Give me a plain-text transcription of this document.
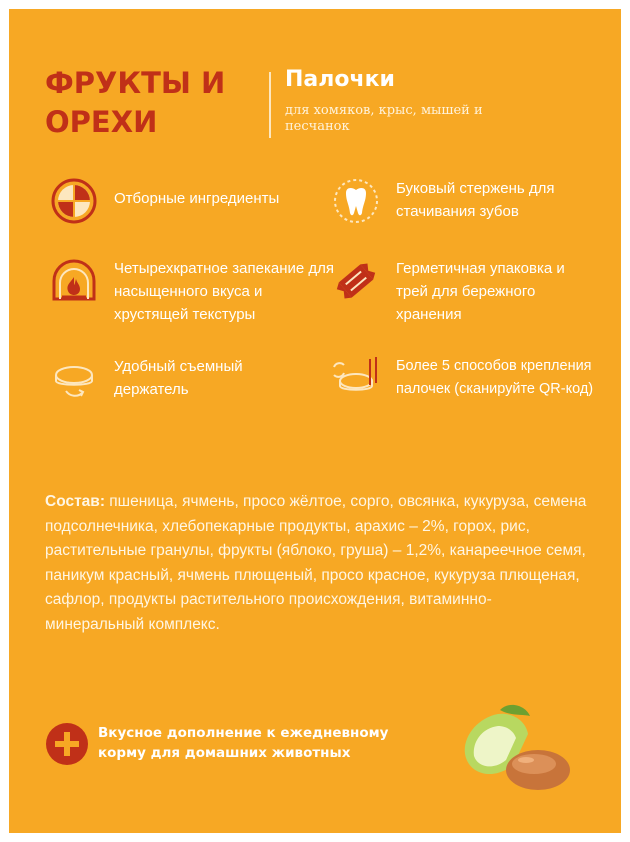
ФРУКТЫ И ОРЕХИ
Палочки
для хомяков, крыс, мышей и песчанок
Отборные ингредиенты
Буковый стержень для стачивания зубов
Четырехкратное запекание для насыщенного вкуса и хрустящей текстуры
Герметичная упаковка и трей для бережного хранения
Удобный съемный держатель
Более 5 способов крепления палочек (сканируйте QR-код)
Состав: пшеница, ячмень, просо жёлтое, сорго, овсянка, кукуруза, семена подсолнечника, хлебопекарные продукты, арахис – 2%, горох, рис, растительные гранулы, фрукты (яблоко, груша) – 1,2%, канареечное семя, паникум красный, ячмень плющеный, просо красное, кукуруза плющеная, сафлор, продукты растительного происхождения, витаминно-минеральный комплекс.
Вкусное дополнение к ежедневному корму для домашних животных
